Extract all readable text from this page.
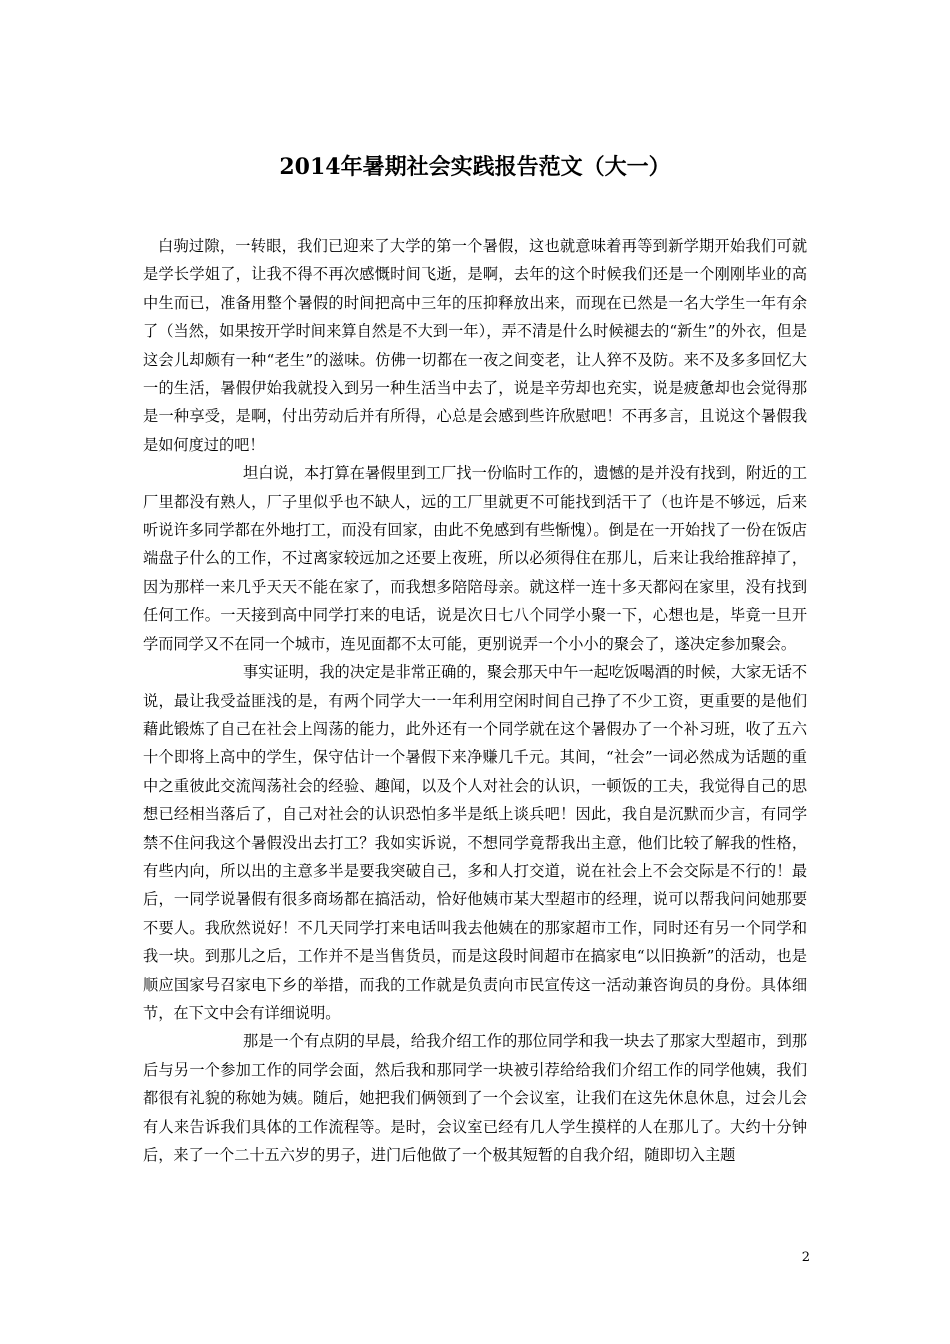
2014年暑期社会实践报告范文（大一）

白驹过隙，一转眼，我们已迎来了大学的第一个暑假，这也就意味着再等到新学期开始我们可就是学长学姐了，让我不得不再次感慨时间飞逝，是啊，去年的这个时候我们还是一个刚刚毕业的高中生而已，准备用整个暑假的时间把高中三年的压抑释放出来，而现在已然是一名大学生一年有余了（当然，如果按开学时间来算自然是不大到一年），弄不清是什么时候褪去的“新生”的外衣，但是这会儿却颇有一种“老生”的滋味。仿佛一切都在一夜之间变老，让人猝不及防。来不及多多回忆大一的生活，暑假伊始我就投入到另一种生活当中去了，说是辛劳却也充实，说是疲惫却也会觉得那是一种享受，是啊，付出劳动后并有所得，心总是会感到些许欣慰吧！不再多言，且说这个暑假我是如何度过的吧！

坦白说，本打算在暑假里到工厂找一份临时工作的，遗憾的是并没有找到，附近的工厂里都没有熟人，厂子里似乎也不缺人，远的工厂里就更不可能找到活干了（也许是不够远，后来听说许多同学都在外地打工，而没有回家，由此不免感到有些惭愧）。倒是在一开始找了一份在饭店端盘子什么的工作，不过离家较远加之还要上夜班，所以必须得住在那儿，后来让我给推辞掉了，因为那样一来几乎天天不能在家了，而我想多陪陪母亲。就这样一连十多天都闷在家里，没有找到任何工作。一天接到高中同学打来的电话，说是次日七八个同学小聚一下，心想也是，毕竟一旦开学而同学又不在同一个城市，连见面都不太可能，更别说弄一个小小的聚会了，遂决定参加聚会。

事实证明，我的决定是非常正确的，聚会那天中午一起吃饭喝酒的时候，大家无话不说，最让我受益匪浅的是，有两个同学大一一年利用空闲时间自己挣了不少工资，更重要的是他们藉此锻炼了自己在社会上闯荡的能力，此外还有一个同学就在这个暑假办了一个补习班，收了五六十个即将上高中的学生，保守估计一个暑假下来净赚几千元。其间，“社会”一词必然成为话题的重中之重彼此交流闯荡社会的经验、趣闻，以及个人对社会的认识，一顿饭的工夫，我觉得自己的思想已经相当落后了，自己对社会的认识恐怕多半是纸上谈兵吧！因此，我自是沉默而少言，有同学禁不住问我这个暑假没出去打工？我如实诉说，不想同学竟帮我出主意，他们比较了解我的性格，有些内向，所以出的主意多半是要我突破自己，多和人打交道，说在社会上不会交际是不行的！最后，一同学说暑假有很多商场都在搞活动，恰好他姨市某大型超市的经理，说可以帮我问问她那要不要人。我欣然说好！不几天同学打来电话叫我去他姨在的那家超市工作，同时还有另一个同学和我一块。到那儿之后，工作并不是当售货员，而是这段时间超市在搞家电“以旧换新”的活动，也是顺应国家号召家电下乡的举措，而我的工作就是负责向市民宣传这一活动兼咨询员的身份。具体细节，在下文中会有详细说明。

那是一个有点阴的早晨，给我介绍工作的那位同学和我一块去了那家大型超市，到那后与另一个参加工作的同学会面，然后我和那同学一块被引荐给给我们介绍工作的同学他姨，我们都很有礼貌的称她为姨。随后，她把我们俩领到了一个会议室，让我们在这先休息休息，过会儿会有人来告诉我们具体的工作流程等。是时，会议室已经有几人学生摸样的人在那儿了。大约十分钟后，来了一个二十五六岁的男子，进门后他做了一个极其短暂的自我介绍，随即切入主题

2
